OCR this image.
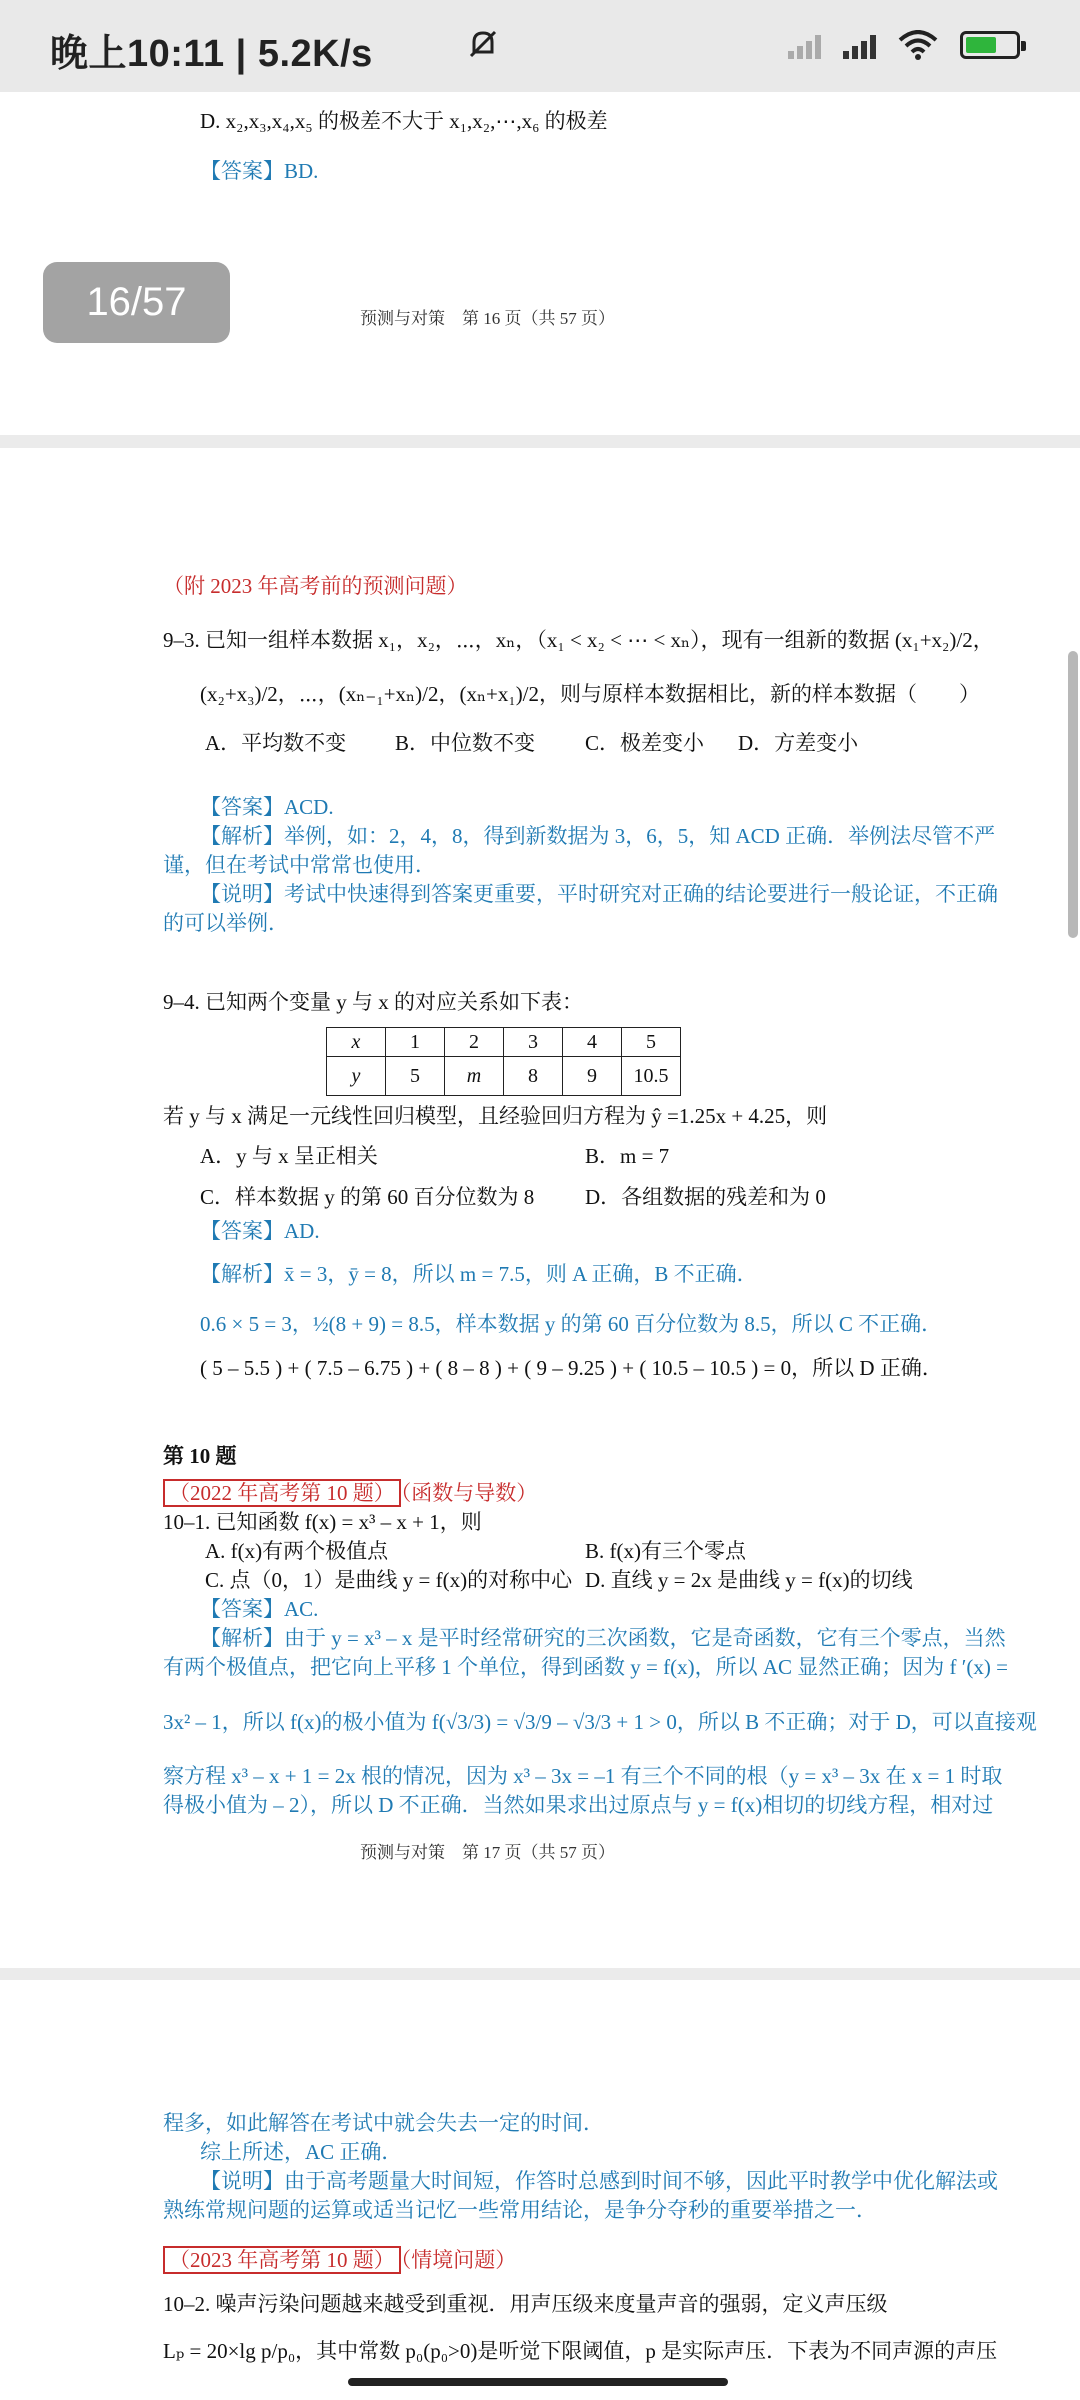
晚上10:11 | 5.2K/s
D. x₂,x₃,x₄,x₅ 的极差不大于 x₁,x₂,⋯,x₆ 的极差
【答案】BD.
预测与对策　第 16 页（共 57 页）
16/57
（附 2023 年高考前的预测问题）
9–3. 已知一组样本数据 x₁，x₂，⋯，xₙ，（x₁ < x₂ < ⋯ < xₙ），现有一组新的数据 (x₁+x₂)/2，
(x₂+x₃)/2，⋯，(xₙ₋₁+xₙ)/2，(xₙ+x₁)/2，则与原样本数据相比，新的样本数据（　　）
A．平均数不变 B．中位数不变 C．极差变小 D．方差变小
【答案】ACD.
【解析】举例，如：2，4，8，得到新数据为 3，6，5，知 ACD 正确．举例法尽管不严
谨，但在考试中常常也使用．
【说明】考试中快速得到答案更重要，平时研究对正确的结论要进行一般论证，不正确
的可以举例．
9–4. 已知两个变量 y 与 x 的对应关系如下表：
x	1	2	3	4	5
y	5	m	8	9	10.5
若 y 与 x 满足一元线性回归模型，且经验回归方程为 ŷ =1.25x + 4.25，则
A．y 与 x 呈正相关	B．m = 7
C．样本数据 y 的第 60 百分位数为 8 D．各组数据的残差和为 0
【答案】AD.
【解析】x̄ = 3，ȳ = 8，所以 m = 7.5，则 A 正确，B 不正确．
0.6 × 5 = 3，½(8 + 9) = 8.5，样本数据 y 的第 60 百分位数为 8.5，所以 C 不正确．
( 5 – 5.5 ) + ( 7.5 – 6.75 ) + ( 8 – 8 ) + ( 9 – 9.25 ) + ( 10.5 – 10.5 ) = 0，所以 D 正确．
第 10 题
（2022 年高考第 10 题） （函数与导数）
10–1. 已知函数 f(x) = x³ – x + 1，则
A. f(x)有两个极值点	B. f(x)有三个零点
C. 点（0，1）是曲线 y = f(x)的对称中心 D. 直线 y = 2x 是曲线 y = f(x)的切线
【答案】AC.
【解析】由于 y = x³ – x 是平时经常研究的三次函数，它是奇函数，它有三个零点，当然
有两个极值点，把它向上平移 1 个单位，得到函数 y = f(x)，所以 AC 显然正确；因为 f ′(x) =
3x² – 1，所以 f(x)的极小值为 f(√3/3) = √3/9 – √3/3 + 1 > 0，所以 B 不正确；对于 D，可以直接观
察方程 x³ – x + 1 = 2x 根的情况，因为 x³ – 3x = –1 有三个不同的根（y = x³ – 3x 在 x = 1 时取
得极小值为 – 2），所以 D 不正确．当然如果求出过原点与 y = f(x)相切的切线方程，相对过
预测与对策　第 17 页（共 57 页）
程多，如此解答在考试中就会失去一定的时间．
综上所述，AC 正确．
【说明】由于高考题量大时间短，作答时总感到时间不够，因此平时教学中优化解法或
熟练常规问题的运算或适当记忆一些常用结论，是争分夺秒的重要举措之一．
（2023 年高考第 10 题） （情境问题）
10–2. 噪声污染问题越来越受到重视．用声压级来度量声音的强弱，定义声压级
Lₚ = 20×lg p/p₀，其中常数 p₀(p₀>0)是听觉下限阈值，p 是实际声压．下表为不同声源的声压
